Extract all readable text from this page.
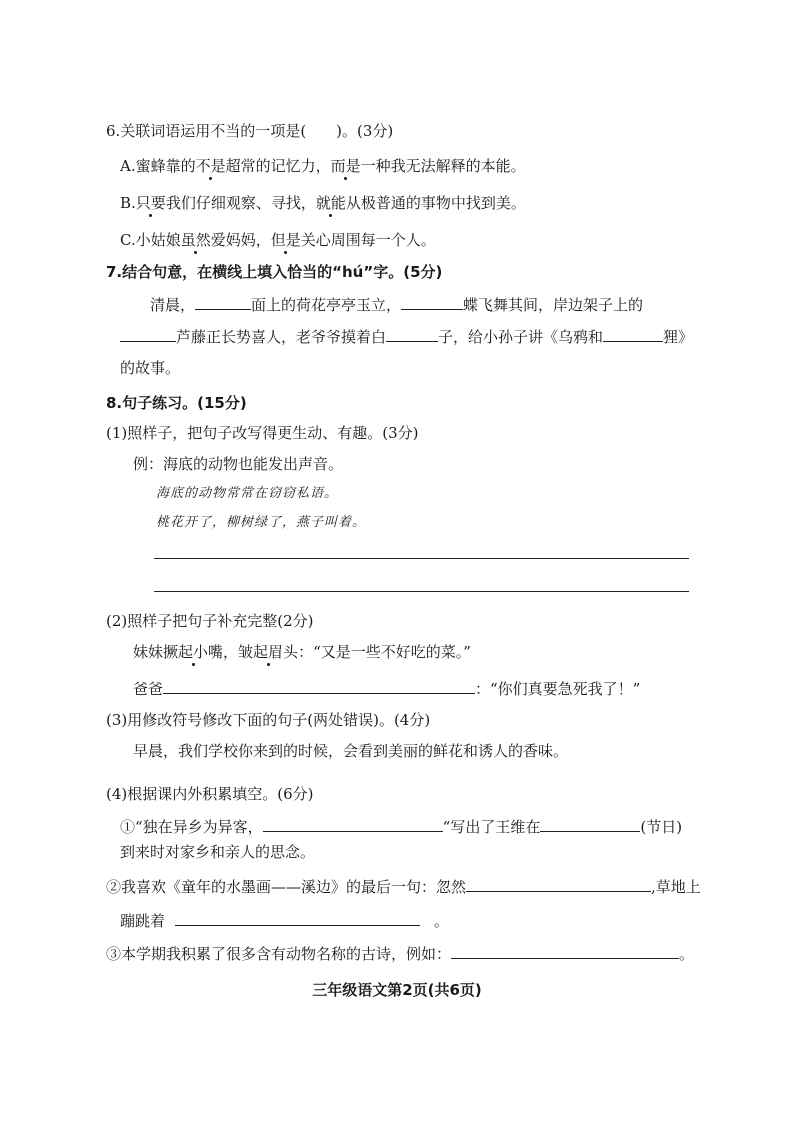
6.关联词语运用不当的一项是(　　)。(3分)
A.蜜蜂靠的不是超常的记忆力，而是一种我无法解释的本能。
B.只要我们仔细观察、寻找，就能从极普通的事物中找到美。
C.小姑娘虽然爱妈妈，但是关心周围每一个人。
7.结合句意，在横线上填入恰当的“hú”字。(5分)
清晨，	面上的荷花亭亭玉立，	蝶飞舞其间，岸边架子上的
芦藤正长势喜人，老爷爷摸着白	子，给小孙子讲《乌鸦和	狸》
的故事。
8.句子练习。(15分)
(1)照样子，把句子改写得更生动、有趣。(3分)
例：海底的动物也能发出声音。
海底的动物常常在窃窃私语。
桃花开了，柳树绿了，燕子叫着。
(2)照样子把句子补充完整(2分)
妹妹撅起小嘴，皱起眉头：“又是一些不好吃的菜。”
爸爸	：“你们真要急死我了！”
(3)用修改符号修改下面的句子(两处错误)。(4分)
早晨，我们学校你来到的时候，会看到美丽的鲜花和诱人的香味。
(4)根据课内外积累填空。(6分)
①“独在异乡为异客，	“写出了王维在	(节日)
到来时对家乡和亲人的思念。
②我喜欢《童年的水墨画——溪边》的最后一句：忽然	,草地上
蹦跳着	。
③本学期我积累了很多含有动物名称的古诗，例如：	。
三年级语文第2页(共6页)
